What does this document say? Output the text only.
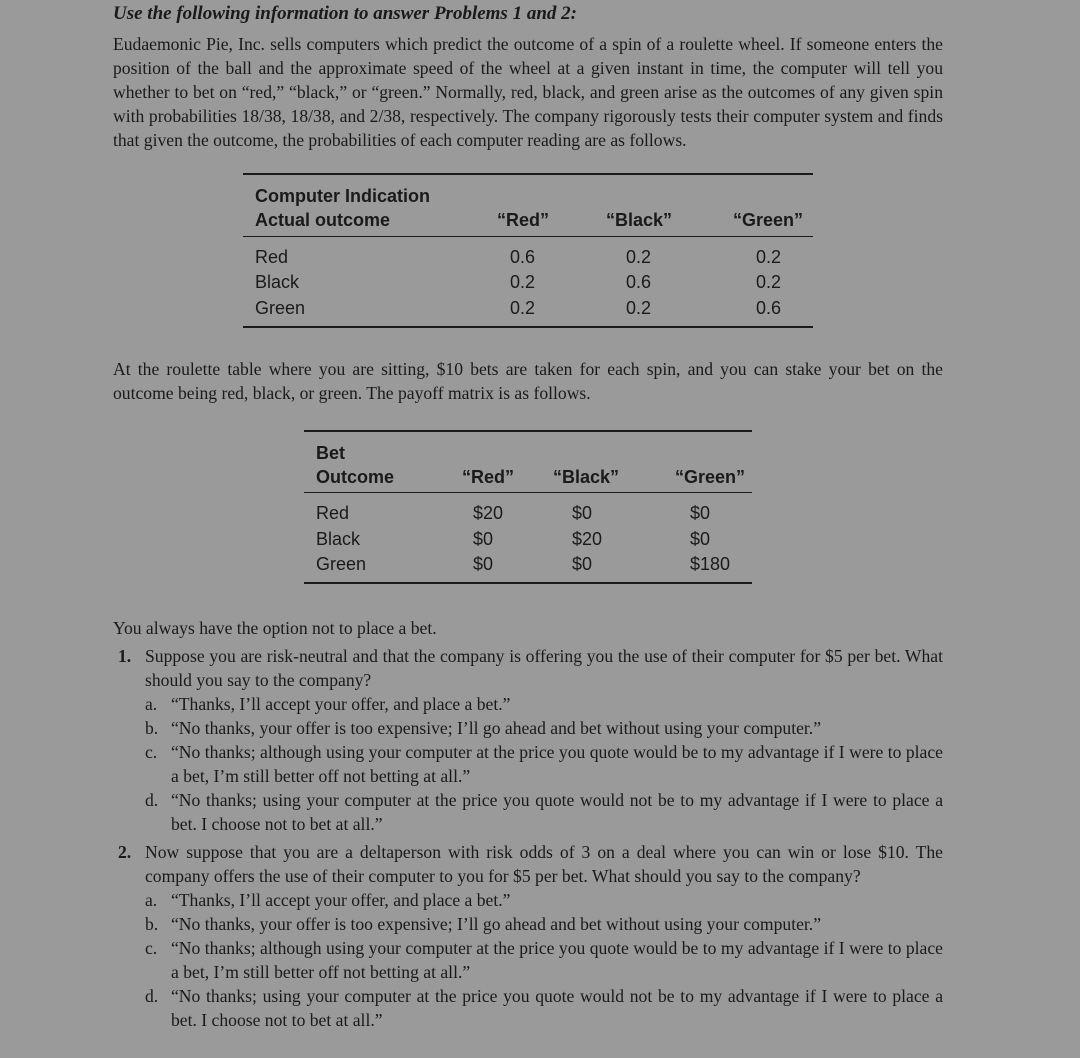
Use the following information to answer Problems 1 and 2:

Eudaemonic Pie, Inc. sells computers which predict the outcome of a spin of a roulette wheel. If someone enters the position of the ball and the approximate speed of the wheel at a given instant in time, the computer will tell you whether to bet on “red,” “black,” or “green.” Normally, red, black, and green arise as the outcomes of any given spin with probabilities 18/38, 18/38, and 2/38, respectively. The company rigorously tests their computer system and finds that given the outcome, the probabilities of each computer reading are as follows.

Computer Indication
Actual outcome	“Red”	“Black”	“Green”
Red	0.6	0.2	0.2
Black	0.2	0.6	0.2
Green	0.2	0.2	0.6

At the roulette table where you are sitting, $10 bets are taken for each spin, and you can stake your bet on the outcome being red, black, or green. The payoff matrix is as follows.

Bet
Outcome	“Red” “Black”	“Green”
Red	$20	$0	$0
Black	$0	$20	$0
Green	$0	$0	$180

You always have the option not to place a bet.

1. Suppose you are risk-neutral and that the company is offering you the use of their computer for $5 per bet. What should you say to the company?
a. “Thanks, I’ll accept your offer, and place a bet.”
b. “No thanks, your offer is too expensive; I’ll go ahead and bet without using your computer.”
c. “No thanks; although using your computer at the price you quote would be to my advantage if I were to place a bet, I’m still better off not betting at all.”
d. “No thanks; using your computer at the price you quote would not be to my advantage if I were to place a bet. I choose not to bet at all.”
2. Now suppose that you are a deltaperson with risk odds of 3 on a deal where you can win or lose $10. The company offers the use of their computer to you for $5 per bet. What should you say to the company?
a. “Thanks, I’ll accept your offer, and place a bet.”
b. “No thanks, your offer is too expensive; I’ll go ahead and bet without using your computer.”
c. “No thanks; although using your computer at the price you quote would be to my advantage if I were to place a bet, I’m still better off not betting at all.”
d. “No thanks; using your computer at the price you quote would not be to my advantage if I were to place a bet. I choose not to bet at all.”
